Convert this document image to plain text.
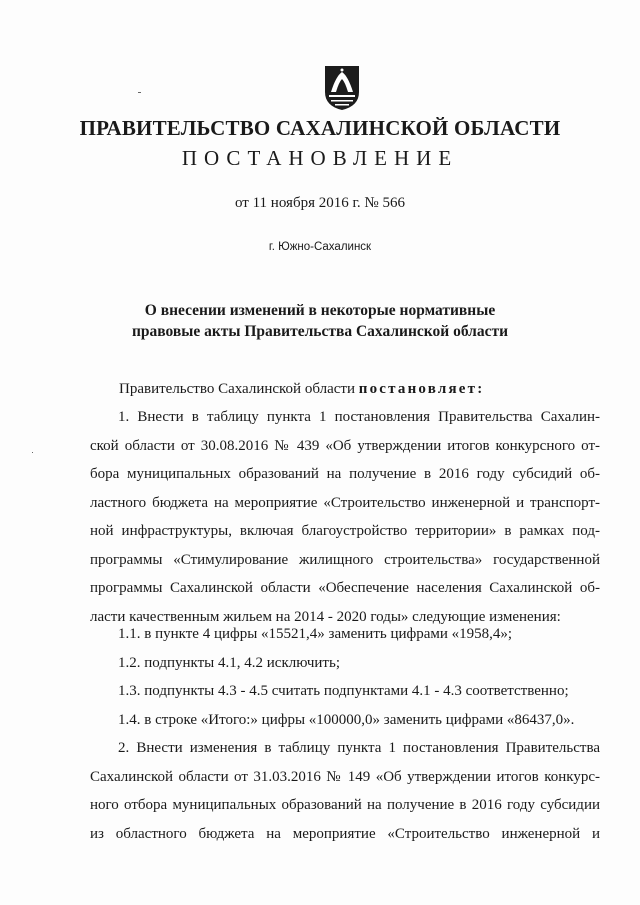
ПРАВИТЕЛЬСТВО САХАЛИНСКОЙ ОБЛАСТИ
ПОСТАНОВЛЕНИЕ
от 11 ноября 2016 г. № 566
г. Южно-Сахалинск
О внесении изменений в некоторые нормативные
правовые акты Правительства Сахалинской области
Правительство Сахалинской области постановляет:
1. Внести в таблицу пункта 1 постановления Правительства Сахалин-
ской области от 30.08.2016 № 439 «Об утверждении итогов конкурсного от-
бора муниципальных образований на получение в 2016 году субсидий об-
ластного бюджета на мероприятие «Строительство инженерной и транспорт-
ной инфраструктуры, включая благоустройство территории» в рамках под-
программы «Стимулирование жилищного строительства» государственной
программы Сахалинской области «Обеспечение населения Сахалинской об-
ласти качественным жильем на 2014 - 2020 годы» следующие изменения:
1.1. в пункте 4 цифры «15521,4» заменить цифрами «1958,4»;
1.2. подпункты 4.1, 4.2 исключить;
1.3. подпункты 4.3 - 4.5 считать подпунктами 4.1 - 4.3 соответственно;
1.4. в строке «Итого:» цифры «100000,0» заменить цифрами «86437,0».
2. Внести изменения в таблицу пункта 1 постановления Правительства
Сахалинской области от 31.03.2016 № 149 «Об утверждении итогов конкурс-
ного отбора муниципальных образований на получение в 2016 году субсидии
из областного бюджета на мероприятие «Строительство инженерной и
